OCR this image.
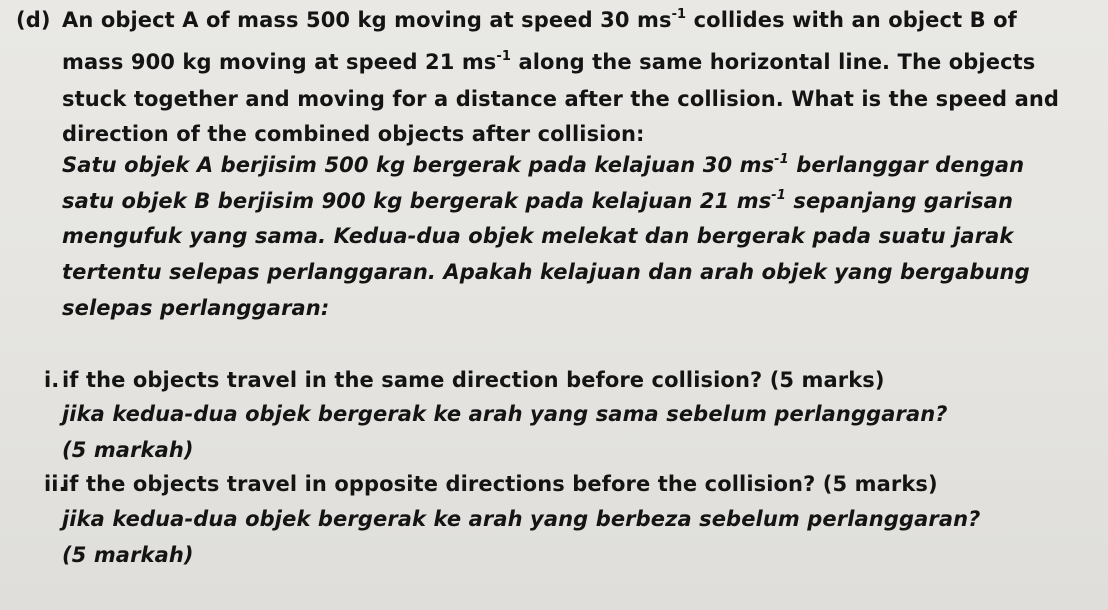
(d) An object A of mass 500 kg moving at speed 30 $ms^{-1}$ collides with an object B of
mass 900 kg moving at speed 21 $ms^{-1}$ along the same horizontal line. The objects
stuck together and moving for a distance after the collision. What is the speed and
direction of the combined objects after collision:
Satu objek A berjisim 500 kg bergerak pada kelajuan 30 $ms^{-1}$ berlanggar dengan
satu objek B berjisim 900 kg bergerak pada kelajuan 21 $ms^{-1}$ sepanjang garisan
mengufuk yang sama. Kedua-dua objek melekat dan bergerak pada suatu jarak
tertentu selepas perlanggaran. Apakah kelajuan dan arah objek yang bergabung
selepas perlanggaran:
i. if the objects travel in the same direction before collision? (5 marks)
jika kedua-dua objek bergerak ke arah yang sama sebelum perlanggaran?
(5 markah)
ii.
if the objects travel in opposite directions before the collision? (5 marks)
jika kedua-dua objek bergerak ke arah yang berbeza sebelum perlanggaran?
(5 markah)
